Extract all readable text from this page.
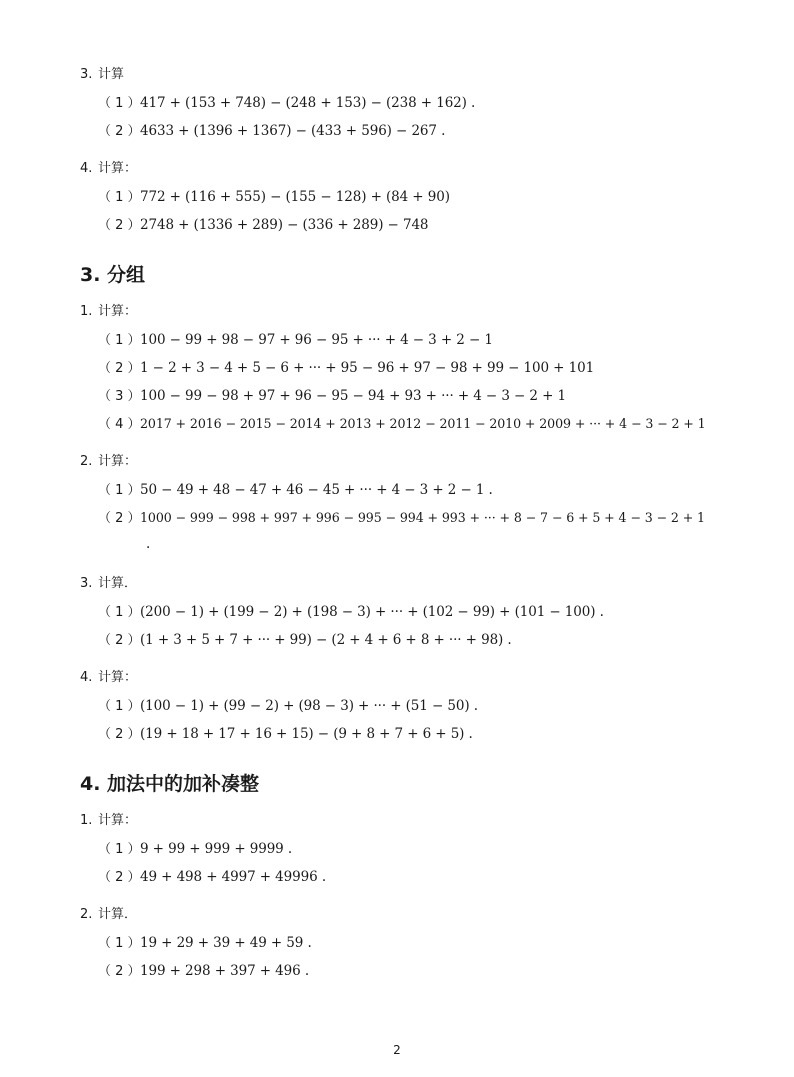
3. 计算
（ 1 ）417 + (153 + 748) − (248 + 153) − (238 + 162) .
（ 2 ）4633 + (1396 + 1367) − (433 + 596) − 267 .
4. 计算：
（ 1 ）772 + (116 + 555) − (155 − 128) + (84 + 90)
（ 2 ）2748 + (1336 + 289) − (336 + 289) − 748
3. 分组
1. 计算：
（ 1 ）100 − 99 + 98 − 97 + 96 − 95 + ··· + 4 − 3 + 2 − 1
（ 2 ）1 − 2 + 3 − 4 + 5 − 6 + ··· + 95 − 96 + 97 − 98 + 99 − 100 + 101
（ 3 ）100 − 99 − 98 + 97 + 96 − 95 − 94 + 93 + ··· + 4 − 3 − 2 + 1
（ 4 ）2017 + 2016 − 2015 − 2014 + 2013 + 2012 − 2011 − 2010 + 2009 + ··· + 4 − 3 − 2 + 1
2. 计算：
（ 1 ）50 − 49 + 48 − 47 + 46 − 45 + ··· + 4 − 3 + 2 − 1 .
（ 2 ）1000 − 999 − 998 + 997 + 996 − 995 − 994 + 993 + ··· + 8 − 7 − 6 + 5 + 4 − 3 − 2 + 1
.
3. 计算．
（ 1 ）(200 − 1) + (199 − 2) + (198 − 3) + ··· + (102 − 99) + (101 − 100) .
（ 2 ）(1 + 3 + 5 + 7 + ··· + 99) − (2 + 4 + 6 + 8 + ··· + 98) .
4. 计算：
（ 1 ）(100 − 1) + (99 − 2) + (98 − 3) + ··· + (51 − 50) .
（ 2 ）(19 + 18 + 17 + 16 + 15) − (9 + 8 + 7 + 6 + 5) .
4. 加法中的加补凑整
1. 计算：
（ 1 ）9 + 99 + 999 + 9999 .
（ 2 ）49 + 498 + 4997 + 49996 .
2. 计算．
（ 1 ）19 + 29 + 39 + 49 + 59 .
（ 2 ）199 + 298 + 397 + 496 .
2
